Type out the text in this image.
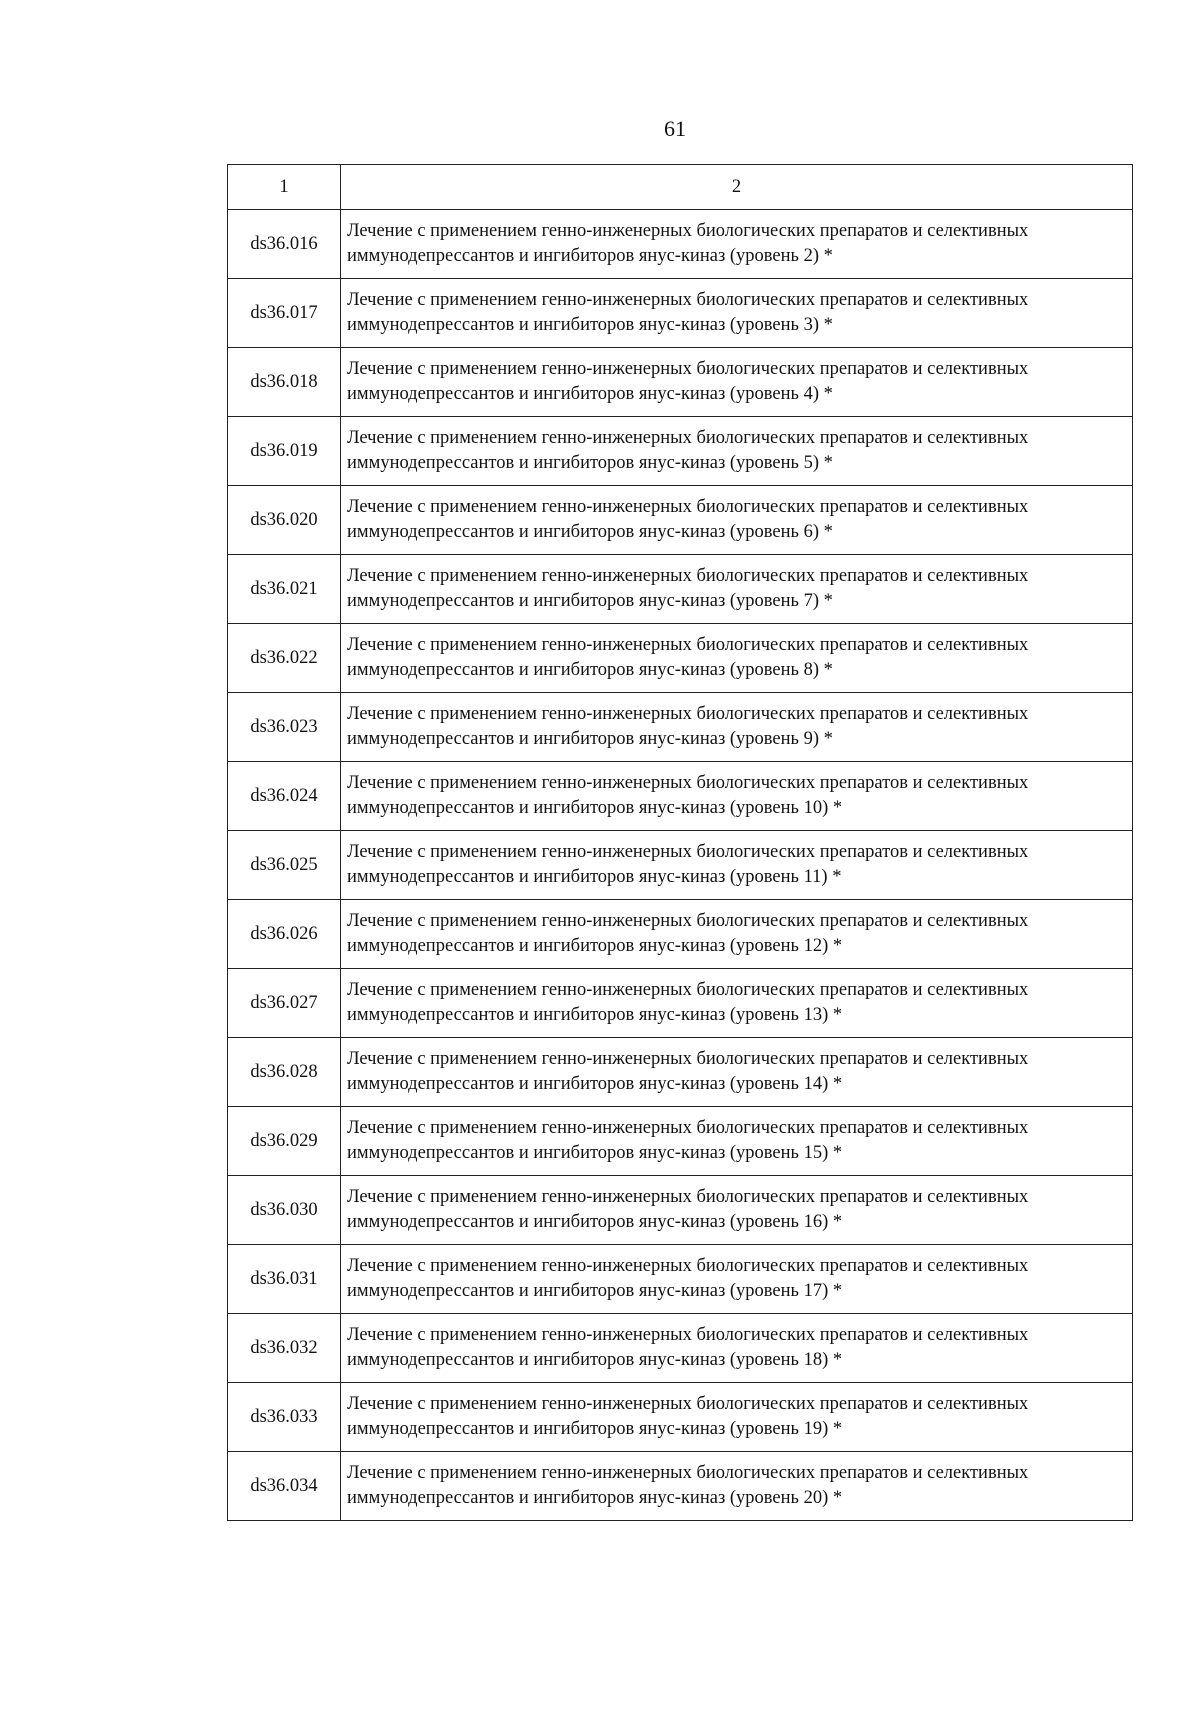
61
1	2
ds36.016	Лечение с применением генно-инженерных биологических препаратов и селективных иммунодепрессантов и ингибиторов янус-киназ (уровень 2) *
ds36.017	Лечение с применением генно-инженерных биологических препаратов и селективных иммунодепрессантов и ингибиторов янус-киназ (уровень 3) *
ds36.018	Лечение с применением генно-инженерных биологических препаратов и селективных иммунодепрессантов и ингибиторов янус-киназ (уровень 4) *
ds36.019	Лечение с применением генно-инженерных биологических препаратов и селективных иммунодепрессантов и ингибиторов янус-киназ (уровень 5) *
ds36.020	Лечение с применением генно-инженерных биологических препаратов и селективных иммунодепрессантов и ингибиторов янус-киназ (уровень 6) *
ds36.021	Лечение с применением генно-инженерных биологических препаратов и селективных иммунодепрессантов и ингибиторов янус-киназ (уровень 7) *
ds36.022	Лечение с применением генно-инженерных биологических препаратов и селективных иммунодепрессантов и ингибиторов янус-киназ (уровень 8) *
ds36.023	Лечение с применением генно-инженерных биологических препаратов и селективных иммунодепрессантов и ингибиторов янус-киназ (уровень 9) *
ds36.024	Лечение с применением генно-инженерных биологических препаратов и селективных иммунодепрессантов и ингибиторов янус-киназ (уровень 10) *
ds36.025	Лечение с применением генно-инженерных биологических препаратов и селективных иммунодепрессантов и ингибиторов янус-киназ (уровень 11) *
ds36.026	Лечение с применением генно-инженерных биологических препаратов и селективных иммунодепрессантов и ингибиторов янус-киназ (уровень 12) *
ds36.027	Лечение с применением генно-инженерных биологических препаратов и селективных иммунодепрессантов и ингибиторов янус-киназ (уровень 13) *
ds36.028	Лечение с применением генно-инженерных биологических препаратов и селективных иммунодепрессантов и ингибиторов янус-киназ (уровень 14) *
ds36.029	Лечение с применением генно-инженерных биологических препаратов и селективных иммунодепрессантов и ингибиторов янус-киназ (уровень 15) *
ds36.030	Лечение с применением генно-инженерных биологических препаратов и селективных иммунодепрессантов и ингибиторов янус-киназ (уровень 16) *
ds36.031	Лечение с применением генно-инженерных биологических препаратов и селективных иммунодепрессантов и ингибиторов янус-киназ (уровень 17) *
ds36.032	Лечение с применением генно-инженерных биологических препаратов и селективных иммунодепрессантов и ингибиторов янус-киназ (уровень 18) *
ds36.033	Лечение с применением генно-инженерных биологических препаратов и селективных иммунодепрессантов и ингибиторов янус-киназ (уровень 19) *
ds36.034	Лечение с применением генно-инженерных биологических препаратов и селективных иммунодепрессантов и ингибиторов янус-киназ (уровень 20) *
